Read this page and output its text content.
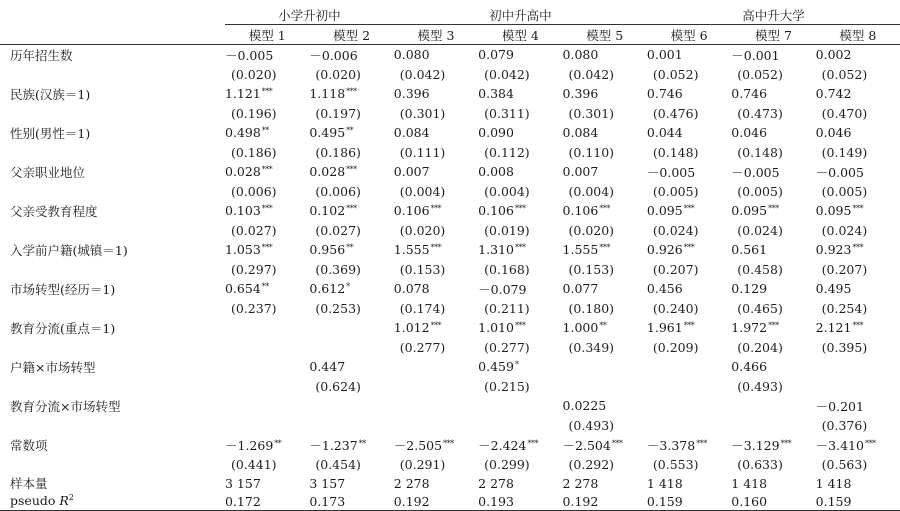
	小学升初中		初中升高中			高中升大学		
	模型 1	模型 2	模型 3	模型 4	模型 5	模型 6	模型 7	模型 8
历年招生数	－0.005	－0.006	0.080	0.079	0.080	0.001	－0.001	0.002
	(0.020)	(0.020)	(0.042)	(0.042)	(0.042)	(0.052)	(0.052)	(0.052)
民族(汉族＝1)	1.121***	1.118***	0.396	0.384	0.396	0.746	0.746	0.742
	(0.196)	(0.197)	(0.301)	(0.311)	(0.301)	(0.476)	(0.473)	(0.470)
性别(男性＝1)	0.498**	0.495**	0.084	0.090	0.084	0.044	0.046	0.046
	(0.186)	(0.186)	(0.111)	(0.112)	(0.110)	(0.148)	(0.148)	(0.149)
父亲职业地位	0.028***	0.028***	0.007	0.008	0.007	－0.005	－0.005	－0.005
	(0.006)	(0.006)	(0.004)	(0.004)	(0.004)	(0.005)	(0.005)	(0.005)
父亲受教育程度	0.103***	0.102***	0.106***	0.106***	0.106***	0.095***	0.095***	0.095***
	(0.027)	(0.027)	(0.020)	(0.019)	(0.020)	(0.024)	(0.024)	(0.024)
入学前户籍(城镇＝1)	1.053***	0.956**	1.555***	1.310***	1.555***	0.926***	0.561	0.923***
	(0.297)	(0.369)	(0.153)	(0.168)	(0.153)	(0.207)	(0.458)	(0.207)
市场转型(经历＝1)	0.654**	0.612*	0.078	－0.079	0.077	0.456	0.129	0.495
	(0.237)	(0.253)	(0.174)	(0.211)	(0.180)	(0.240)	(0.465)	(0.254)
教育分流(重点＝1)			1.012***	1.010***	1.000**	1.961***	1.972***	2.121***
			(0.277)	(0.277)	(0.349)	(0.209)	(0.204)	(0.395)
户籍×市场转型		0.447		0.459*			0.466	
		(0.624)		(0.215)			(0.493)	
教育分流×市场转型					0.0225			－0.201
					(0.493)			(0.376)
常数项	－1.269**	－1.237**	－2.505***	－2.424***	－2.504***	－3.378***	－3.129***	－3.410***
	(0.441)	(0.454)	(0.291)	(0.299)	(0.292)	(0.553)	(0.633)	(0.563)
样本量	3 157	3 157	2 278	2 278	2 278	1 418	1 418	1 418
pseudo $R^2$	0.172	0.173	0.192	0.193	0.192	0.159	0.160	0.159
